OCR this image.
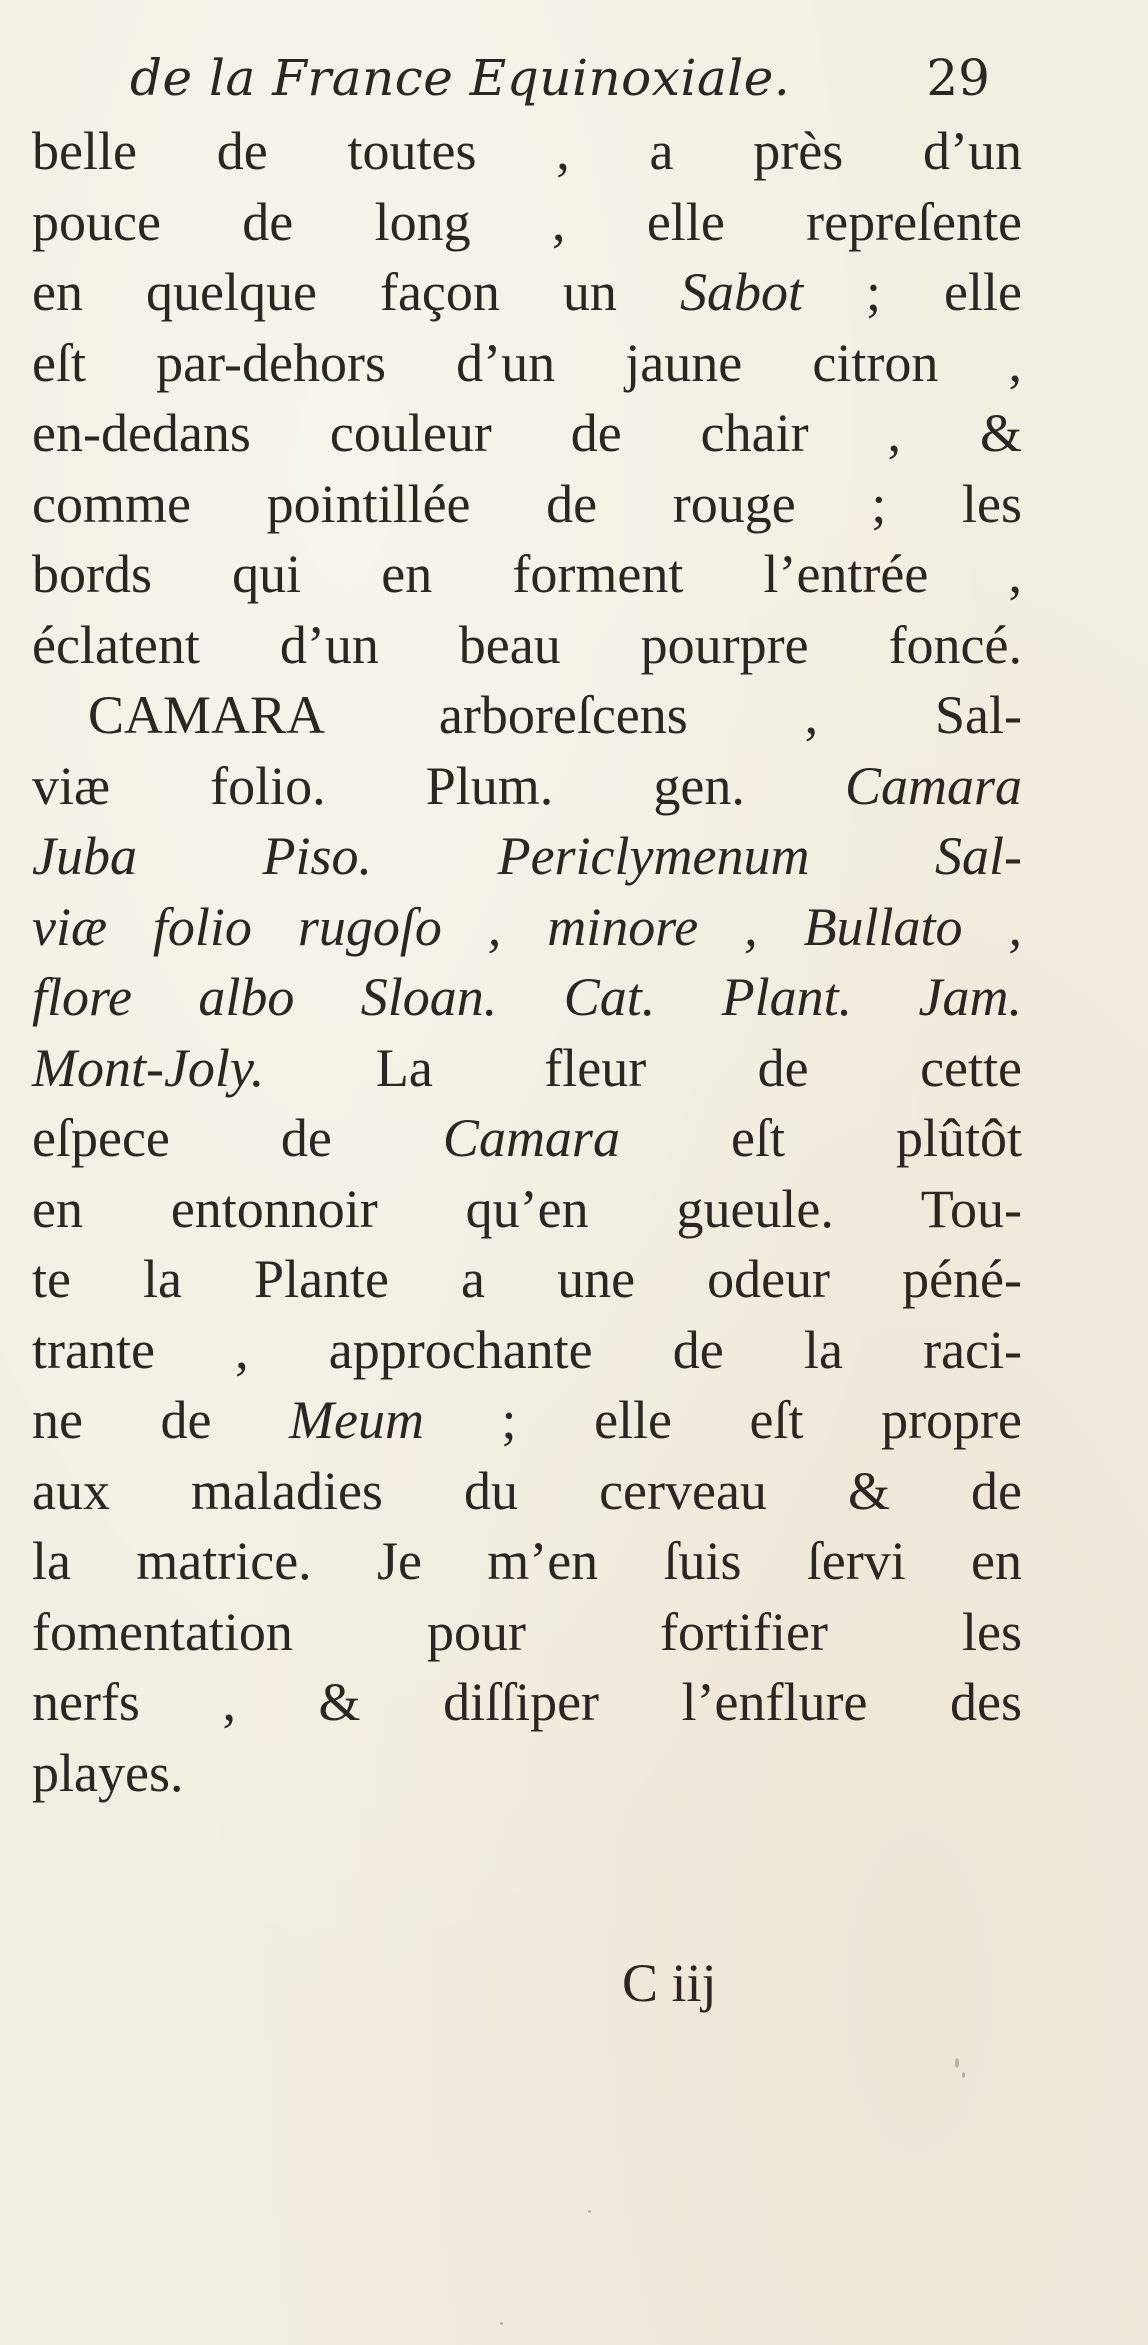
de la France Equinoxiale.	29
belle de toutes , a près d’un
pouce de long , elle repreſente
en quelque façon un Sabot ; elle
eſt par-dehors d’un jaune citron ,
en-dedans couleur de chair , &
comme pointillée de rouge ; les
bords qui en forment l’entrée ,
éclatent d’un beau pourpre foncé.
CAMARA arboreſcens , Sal-
viæ folio. Plum. gen. Camara
Juba Piso. Periclymenum Sal-
viæ folio rugoſo , minore , Bullato ,
flore albo Sloan. Cat. Plant. Jam.
Mont-Joly. La fleur de cette
eſpece de Camara eſt plûtôt
en entonnoir qu’en gueule. Tou-
te la Plante a une odeur péné-
trante , approchante de la raci-
ne de Meum ; elle eſt propre
aux maladies du cerveau & de
la matrice. Je m’en ſuis ſervi en
fomentation pour fortifier les
nerfs , & diſſiper l’enflure des
playes.
C iij
